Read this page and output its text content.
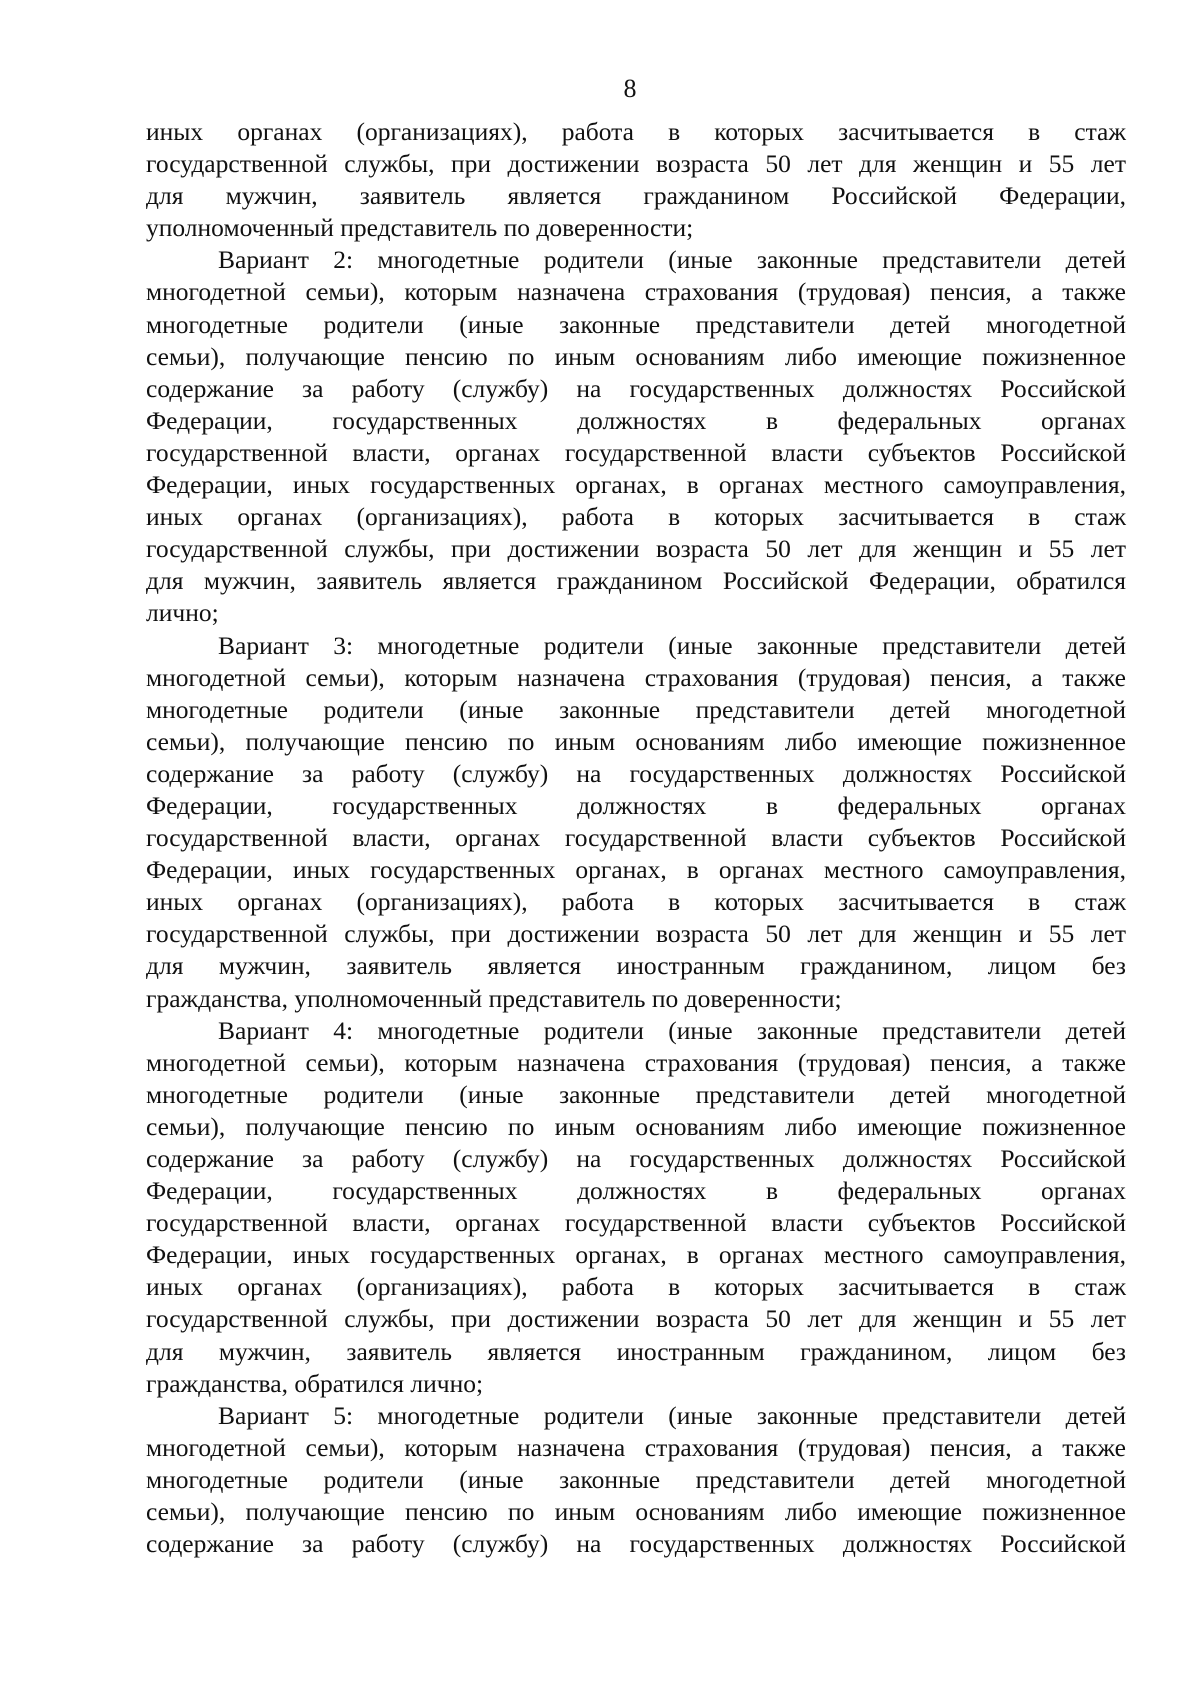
8
иных органах (организациях), работа в которых засчитывается в стаж
государственной службы, при достижении возраста 50 лет для женщин и 55 лет
для мужчин, заявитель является гражданином Российской Федерации,
уполномоченный представитель по доверенности;
Вариант 2: многодетные родители (иные законные представители детей
многодетной семьи), которым назначена страхования (трудовая) пенсия, а также
многодетные родители (иные законные представители детей многодетной
семьи), получающие пенсию по иным основаниям либо имеющие пожизненное
содержание за работу (службу) на государственных должностях Российской
Федерации, государственных должностях в федеральных органах
государственной власти, органах государственной власти субъектов Российской
Федерации, иных государственных органах, в органах местного самоуправления,
иных органах (организациях), работа в которых засчитывается в стаж
государственной службы, при достижении возраста 50 лет для женщин и 55 лет
для мужчин, заявитель является гражданином Российской Федерации, обратился
лично;
Вариант 3: многодетные родители (иные законные представители детей
многодетной семьи), которым назначена страхования (трудовая) пенсия, а также
многодетные родители (иные законные представители детей многодетной
семьи), получающие пенсию по иным основаниям либо имеющие пожизненное
содержание за работу (службу) на государственных должностях Российской
Федерации, государственных должностях в федеральных органах
государственной власти, органах государственной власти субъектов Российской
Федерации, иных государственных органах, в органах местного самоуправления,
иных органах (организациях), работа в которых засчитывается в стаж
государственной службы, при достижении возраста 50 лет для женщин и 55 лет
для мужчин, заявитель является иностранным гражданином, лицом без
гражданства, уполномоченный представитель по доверенности;
Вариант 4: многодетные родители (иные законные представители детей
многодетной семьи), которым назначена страхования (трудовая) пенсия, а также
многодетные родители (иные законные представители детей многодетной
семьи), получающие пенсию по иным основаниям либо имеющие пожизненное
содержание за работу (службу) на государственных должностях Российской
Федерации, государственных должностях в федеральных органах
государственной власти, органах государственной власти субъектов Российской
Федерации, иных государственных органах, в органах местного самоуправления,
иных органах (организациях), работа в которых засчитывается в стаж
государственной службы, при достижении возраста 50 лет для женщин и 55 лет
для мужчин, заявитель является иностранным гражданином, лицом без
гражданства, обратился лично;
Вариант 5: многодетные родители (иные законные представители детей
многодетной семьи), которым назначена страхования (трудовая) пенсия, а также
многодетные родители (иные законные представители детей многодетной
семьи), получающие пенсию по иным основаниям либо имеющие пожизненное
содержание за работу (службу) на государственных должностях Российской
